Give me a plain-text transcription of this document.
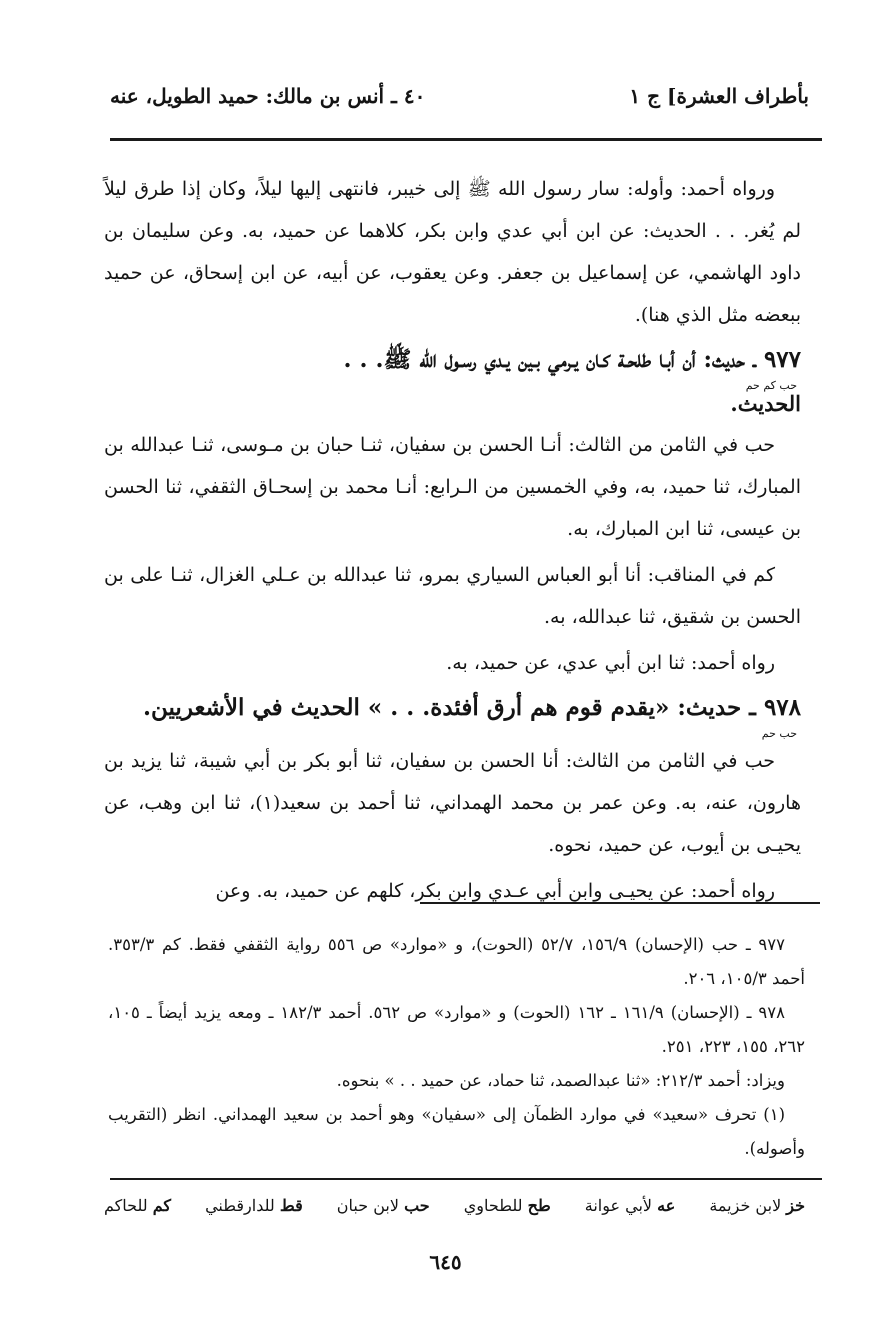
بأطراف العشرة] ج ١
٤٠ ـ أنس بن مالك: حميد الطويل، عنه

ورواه أحمد: وأوله: سار رسول الله ﷺ إلى خيبر، فانتهى إليها ليلاً، وكان إذا طرق ليلاً لم يُغر. . . الحديث: عن ابن أبي عدي وابن بكر، كلاهما عن حميد، به. وعن سليمان بن داود الهاشمي، عن إسماعيل بن جعفر. وعن يعقوب، عن أبيه، عن ابن إسحاق، عن حميد ببعضه مثل الذي هنا).

٩٧٧ ـ حديث: أن أبـا طلحـة كـان يـرمي بـين يـدي رسـول الله ﷺ. . .
حب كم حم
الحديث.

حب في الثامن من الثالث: أنـا الحسن بن سفيان، ثنـا حبان بن مـوسى، ثنـا عبدالله بن المبارك، ثنا حميد، به، وفي الخمسين من الـرابع: أنـا محمد بن إسحـاق الثقفي، ثنا الحسن بن عيسى، ثنا ابن المبارك، به.

كم في المناقب: أنا أبو العباس السياري بمرو، ثنا عبدالله بن عـلي الغزال، ثنـا على بن الحسن بن شقيق، ثنا عبدالله، به.

رواه أحمد: ثنا ابن أبي عدي، عن حميد، به.

٩٧٨ ـ حديث: «يقدم قوم هم أرق أفئدة. . . » الحديث في الأشعريين.
حب حم

حب في الثامن من الثالث: أنا الحسن بن سفيان، ثنا أبو بكر بن أبي شيبة، ثنا يزيد بن هارون، عنه، به. وعن عمر بن محمد الهمداني، ثنا أحمد بن سعيد(١)، ثنا ابن وهب، عن يحيـى بن أيوب، عن حميد، نحوه.

رواه أحمد: عن يحيـى وابن أبي عـدي وابن بكر، كلهم عن حميد، به. وعن

٩٧٧ ـ حب (الإحسان) ١٥٦/٩، ٥٢/٧ (الحوت)، و «موارد» ص ٥٥٦ رواية الثقفي فقط. كم ٣٥٣/٣. أحمد ١٠٥/٣، ٢٠٦.

٩٧٨ ـ (الإحسان) ١٦١/٩ ـ ١٦٢ (الحوت) و «موارد» ص ٥٦٢. أحمد ١٨٢/٣ ـ ومعه يزيد أيضاً ـ ١٠٥، ٢٦٢، ١٥٥، ٢٢٣، ٢٥١.

ويزاد: أحمد ٢١٢/٣: «ثنا عبدالصمد، ثنا حماد، عن حميد . . » بنحوه.

(١) تحرف «سعيد» في موارد الظمآن إلى «سفيان» وهو أحمد بن سعيد الهمداني. انظر (التقريب وأصوله).

خز لابن خزيمة
عه لأبي عوانة
طح للطحاوي
حب لابن حبان
قط للدارقطني
كم للحاكم
٦٤٥
